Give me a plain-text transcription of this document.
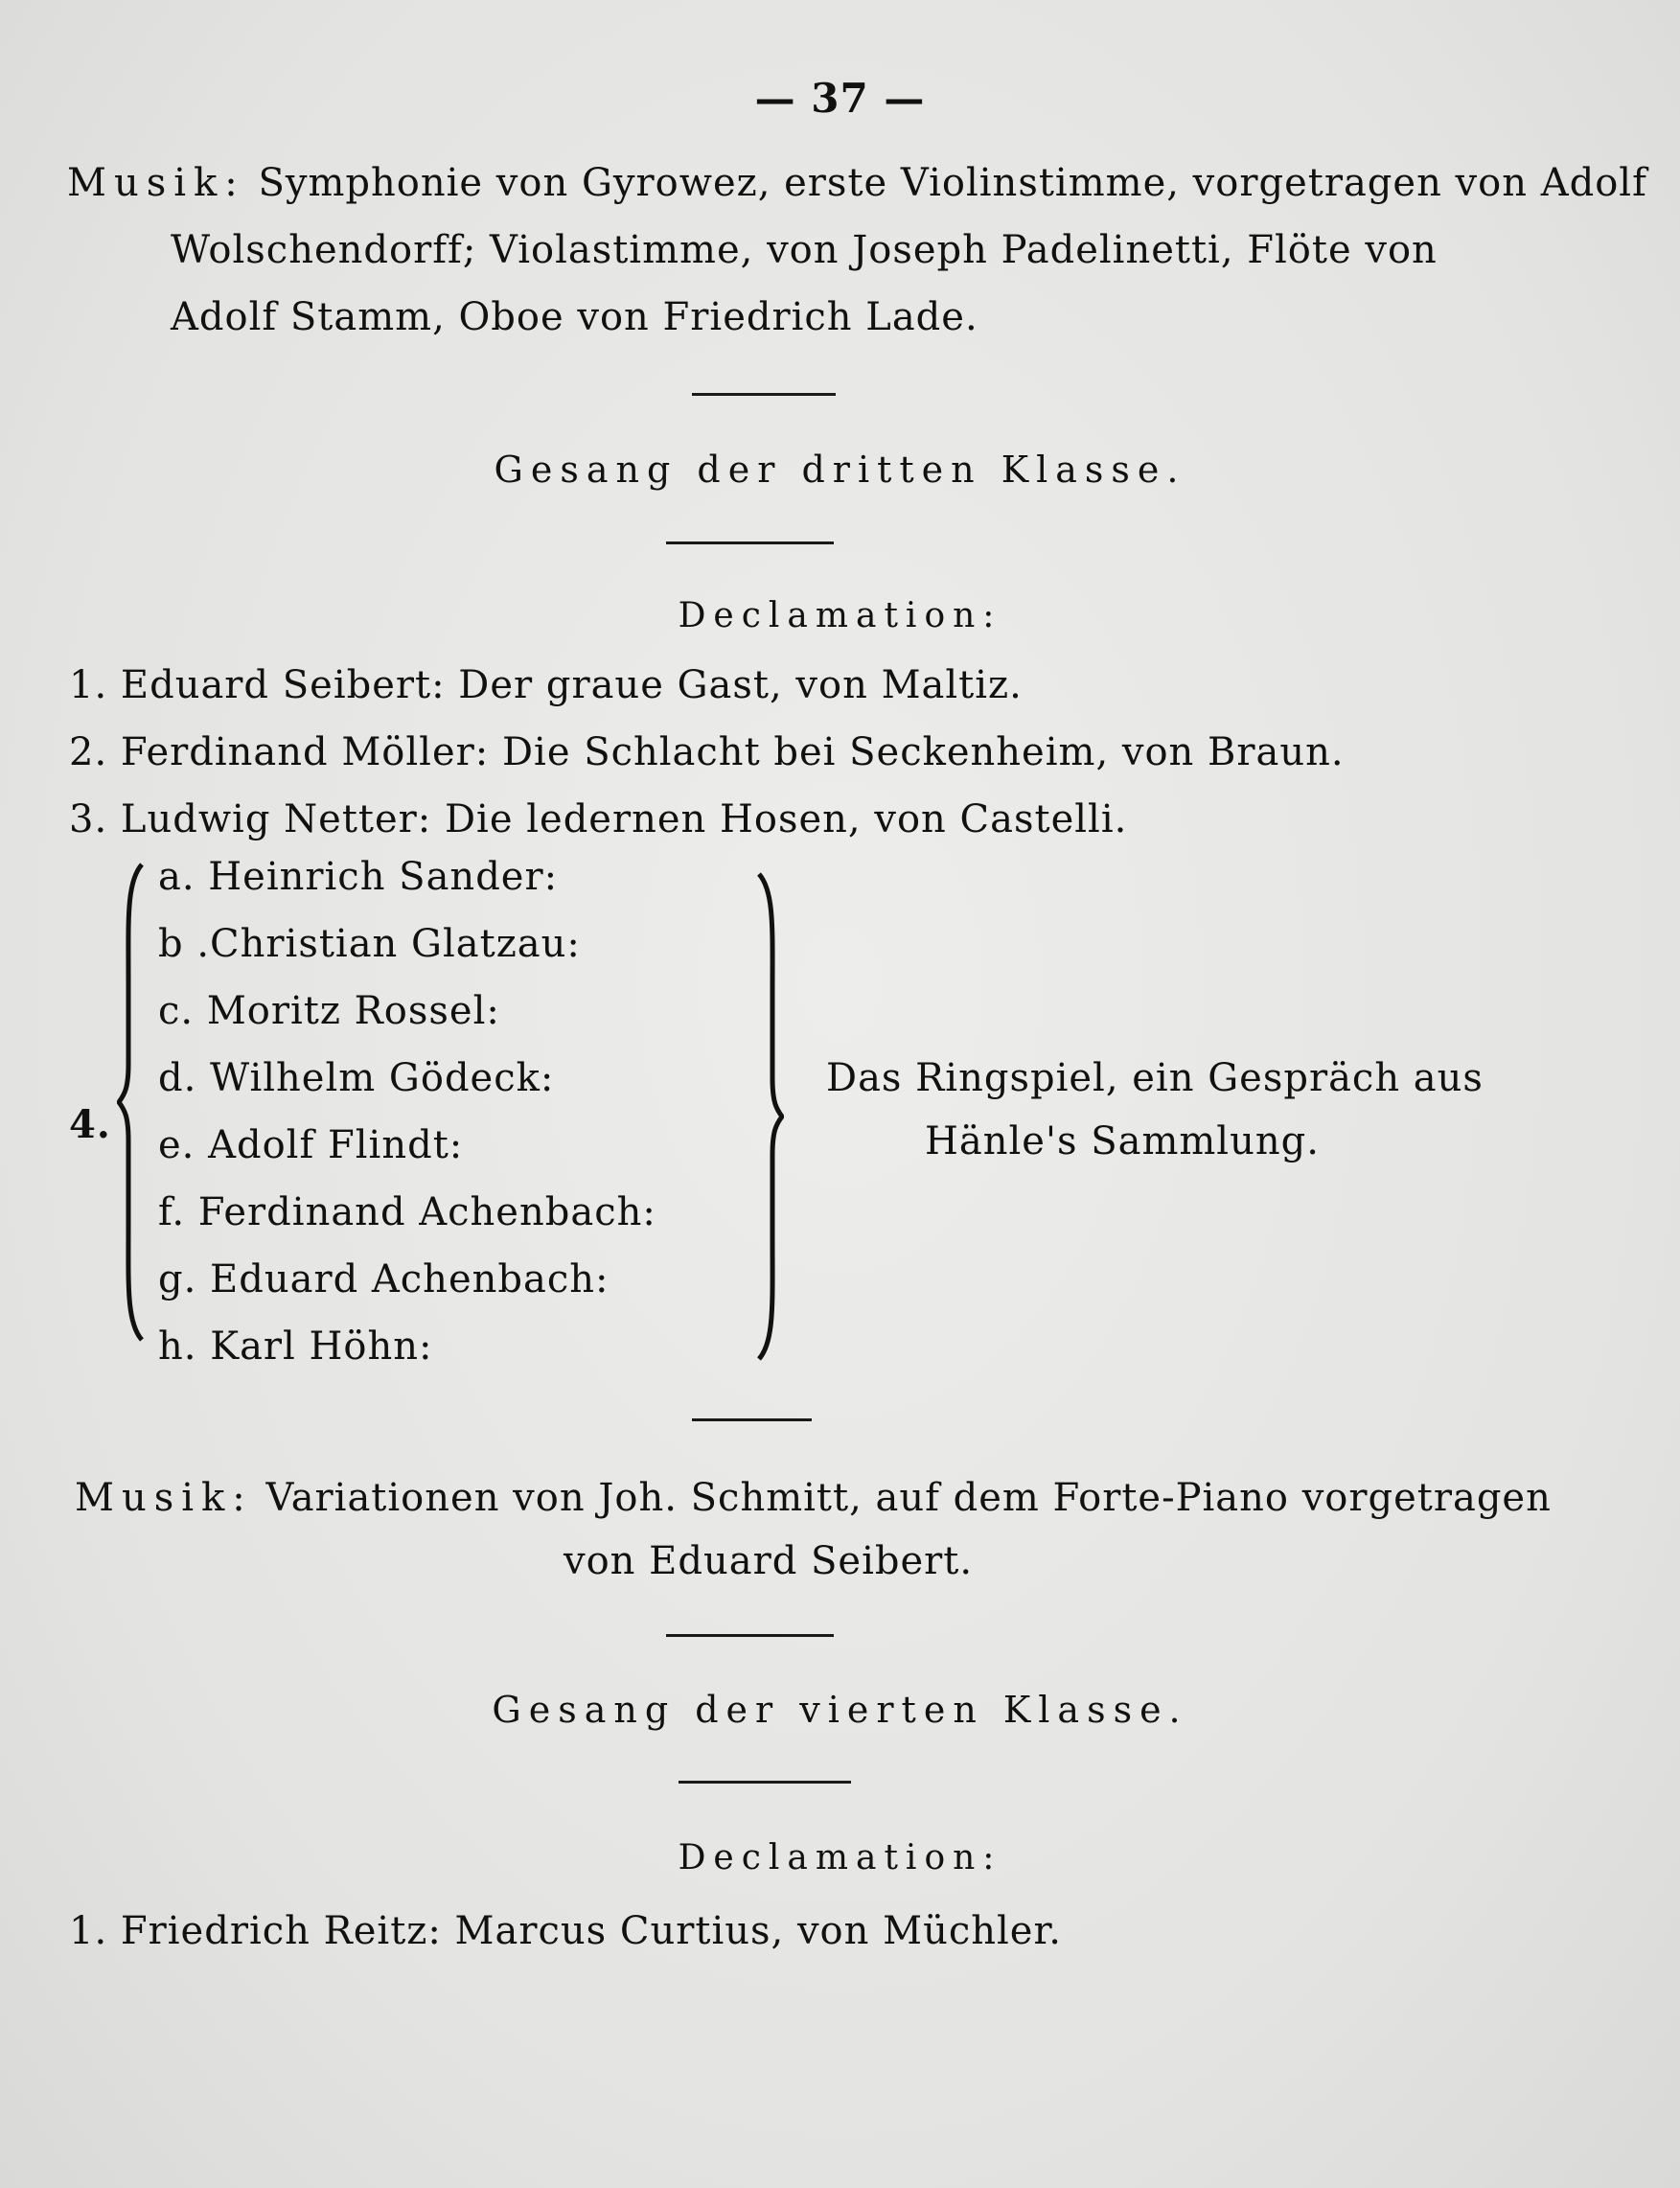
— 37 —
Musik: Symphonie von Gyrowez, erste Violinstimme, vorgetragen von Adolf
Wolschendorff; Violastimme, von Joseph Padelinetti, Flöte von
Adolf Stamm, Oboe von Friedrich Lade.
Gesang der dritten Klasse.
Declamation:
1. Eduard Seibert: Der graue Gast, von Maltiz.
2. Ferdinand Möller: Die Schlacht bei Seckenheim, von Braun.
3. Ludwig Netter: Die ledernen Hosen, von Castelli.
4.
a. Heinrich Sander:
b .Christian Glatzau:
c. Moritz Rossel:
d. Wilhelm Gödeck:
e. Adolf Flindt:
f. Ferdinand Achenbach:
g. Eduard Achenbach:
h. Karl Höhn:
Das Ringspiel, ein Gespräch aus
Hänle's Sammlung.
Musik: Variationen von Joh. Schmitt, auf dem Forte-Piano vorgetragen
von Eduard Seibert.
Gesang der vierten Klasse.
Declamation:
1. Friedrich Reitz: Marcus Curtius, von Müchler.
